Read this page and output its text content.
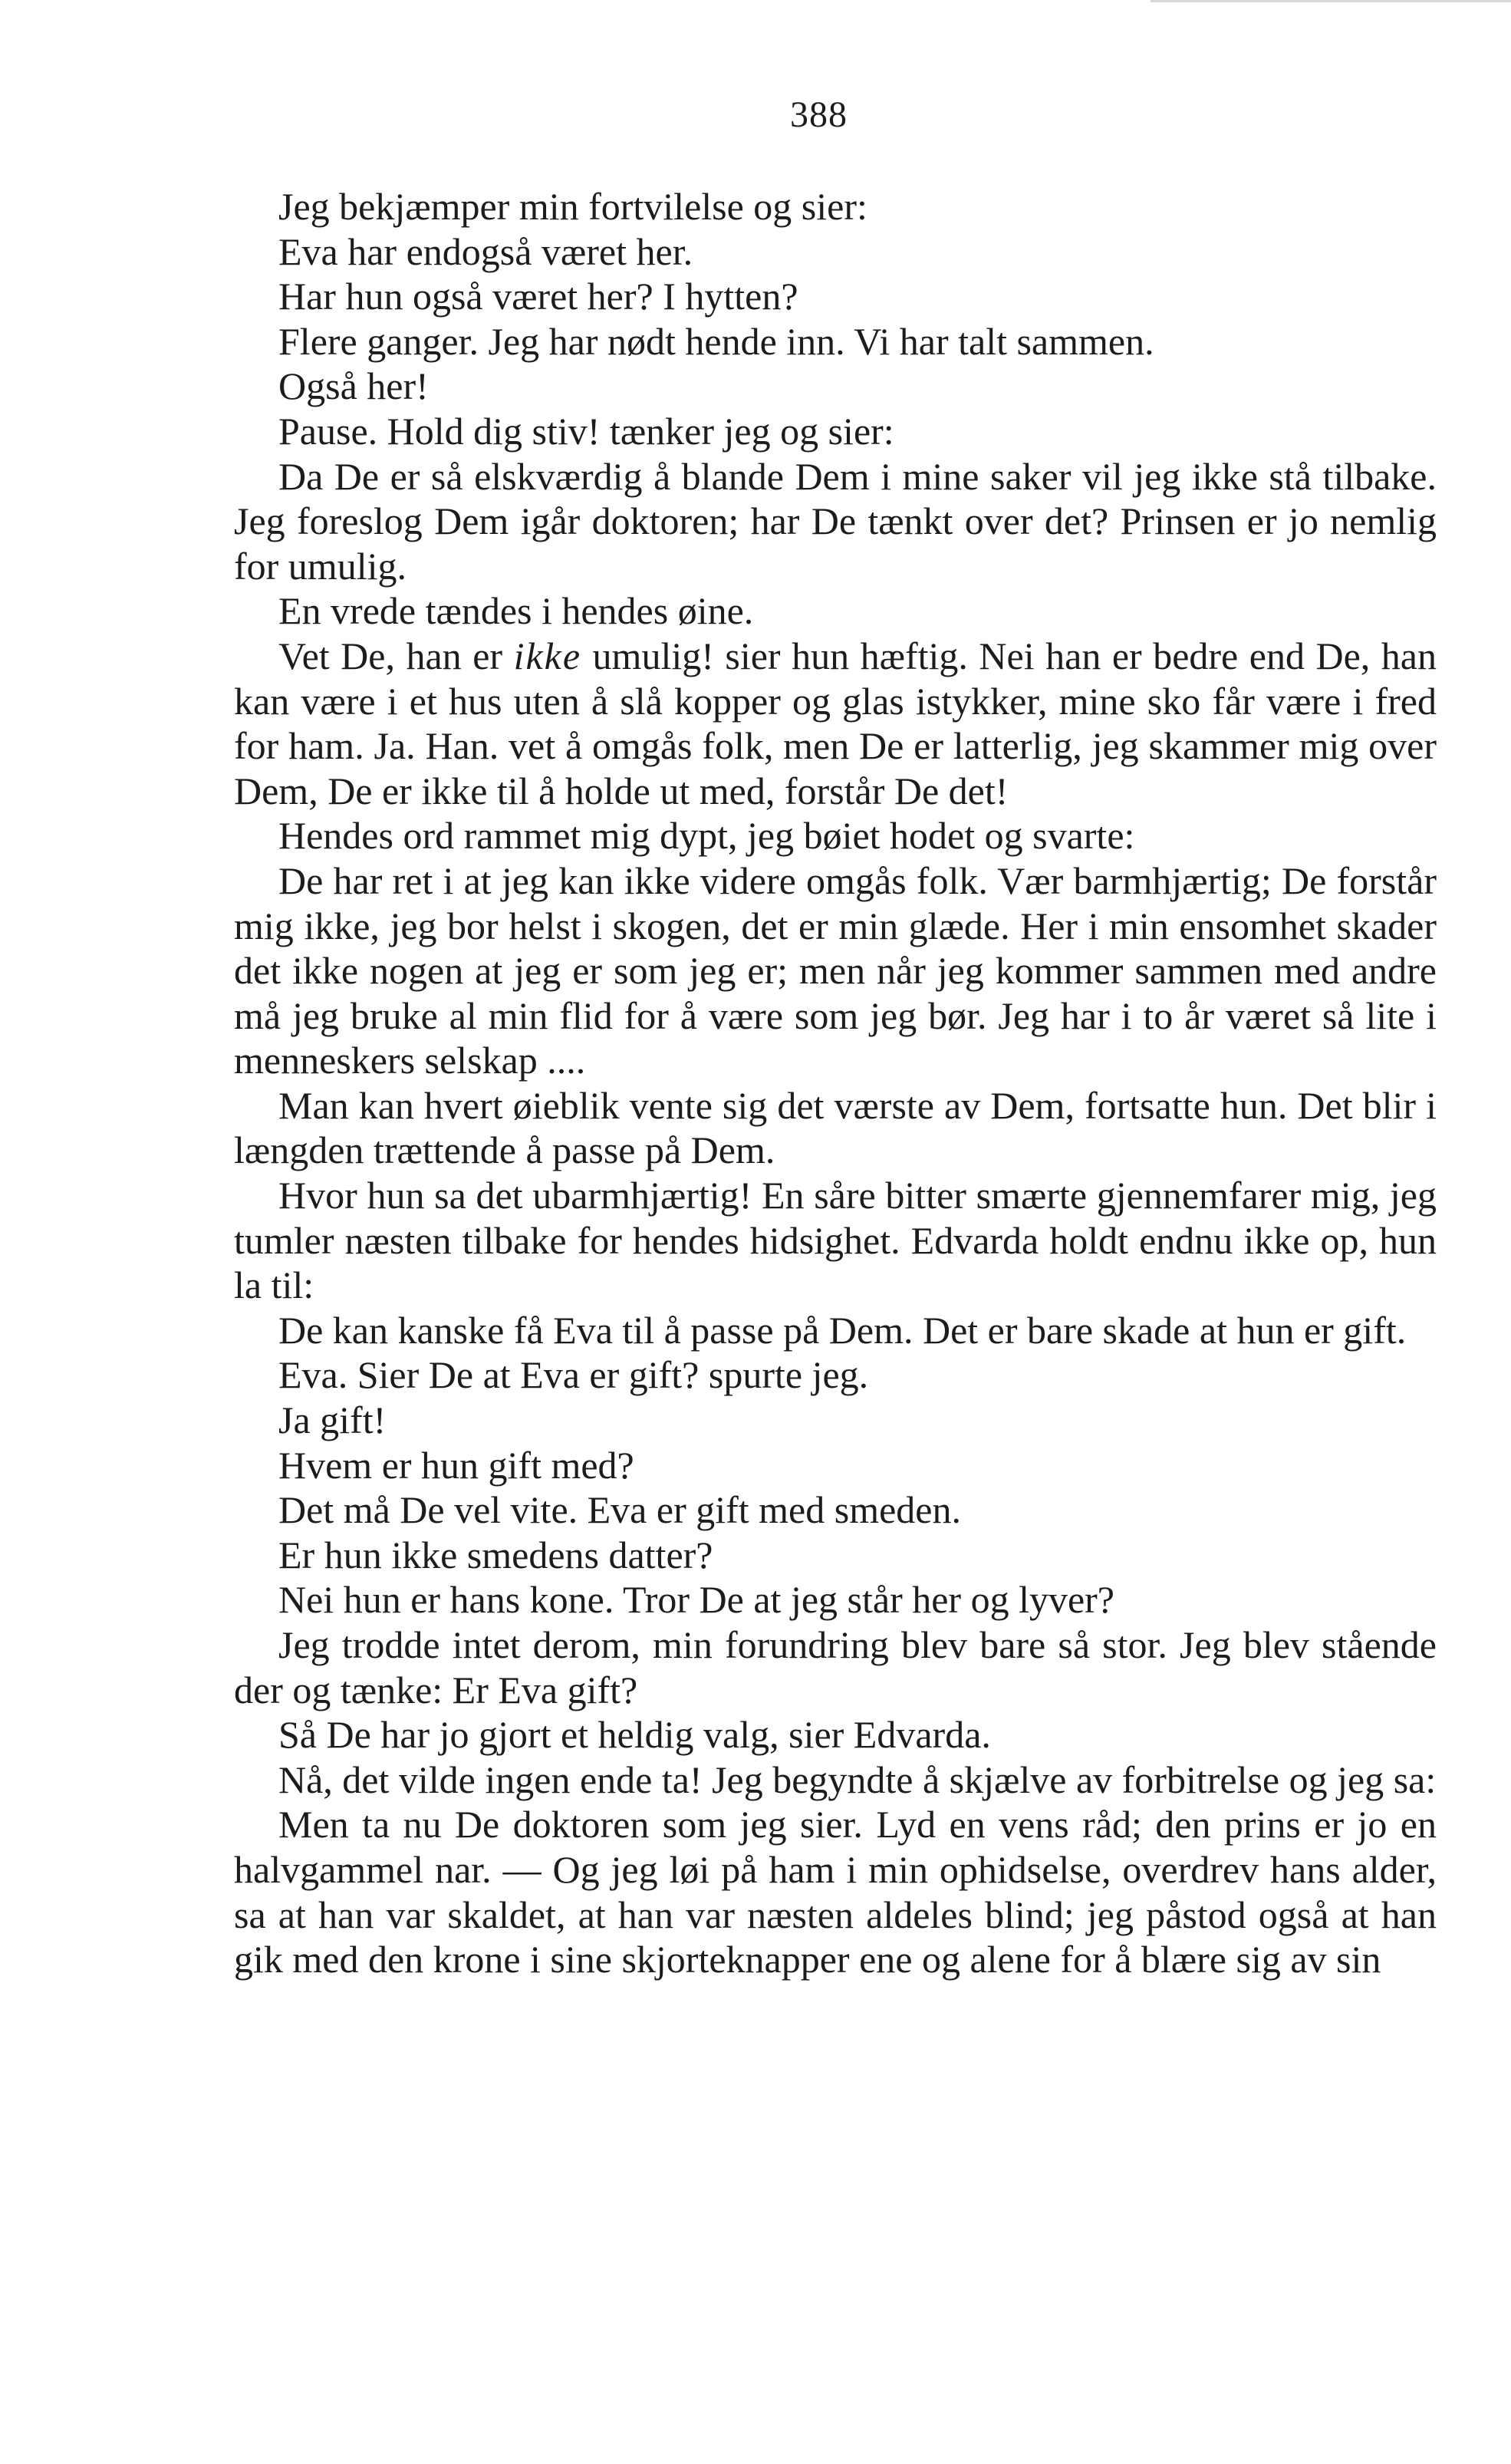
388

Jeg bekjæmper min fortvilelse og sier:

Eva har endogså været her.

Har hun også været her? I hytten?

Flere ganger. Jeg har nødt hende inn. Vi har talt sammen.

Også her!

Pause. Hold dig stiv! tænker jeg og sier:

Da De er så elskværdig å blande Dem i mine saker vil jeg ikke stå tilbake. Jeg foreslog Dem igår doktoren; har De tænkt over det? Prinsen er jo nemlig for umulig.

En vrede tændes i hendes øine.

Vet De, han er ikke umulig! sier hun hæftig. Nei han er bedre end De, han kan være i et hus uten å slå kopper og glas istykker, mine sko får være i fred for ham. Ja. Han. vet å omgås folk, men De er latterlig, jeg skammer mig over Dem, De er ikke til å holde ut med, forstår De det!

Hendes ord rammet mig dypt, jeg bøiet hodet og svarte:

De har ret i at jeg kan ikke videre omgås folk. Vær barmhjærtig; De forstår mig ikke, jeg bor helst i skogen, det er min glæde. Her i min ensomhet skader det ikke nogen at jeg er som jeg er; men når jeg kommer sammen med andre må jeg bruke al min flid for å være som jeg bør. Jeg har i to år været så lite i menneskers selskap ....

Man kan hvert øieblik vente sig det værste av Dem, fortsatte hun. Det blir i længden trættende å passe på Dem.

Hvor hun sa det ubarmhjærtig! En såre bitter smærte gjennemfarer mig, jeg tumler næsten tilbake for hendes hidsighet. Edvarda holdt endnu ikke op, hun la til:

De kan kanske få Eva til å passe på Dem. Det er bare skade at hun er gift.

Eva. Sier De at Eva er gift? spurte jeg.

Ja gift!

Hvem er hun gift med?

Det må De vel vite. Eva er gift med smeden.

Er hun ikke smedens datter?

Nei hun er hans kone. Tror De at jeg står her og lyver?

Jeg trodde intet derom, min forundring blev bare så stor. Jeg blev stående der og tænke: Er Eva gift?

Så De har jo gjort et heldig valg, sier Edvarda.

Nå, det vilde ingen ende ta! Jeg begyndte å skjælve av forbitrelse og jeg sa:

Men ta nu De doktoren som jeg sier. Lyd en vens råd; den prins er jo en halvgammel nar. — Og jeg løi på ham i min ophidselse, overdrev hans alder, sa at han var skaldet, at han var næsten aldeles blind; jeg påstod også at han gik med den krone i sine skjorteknapper ene og alene for å blære sig av sin
